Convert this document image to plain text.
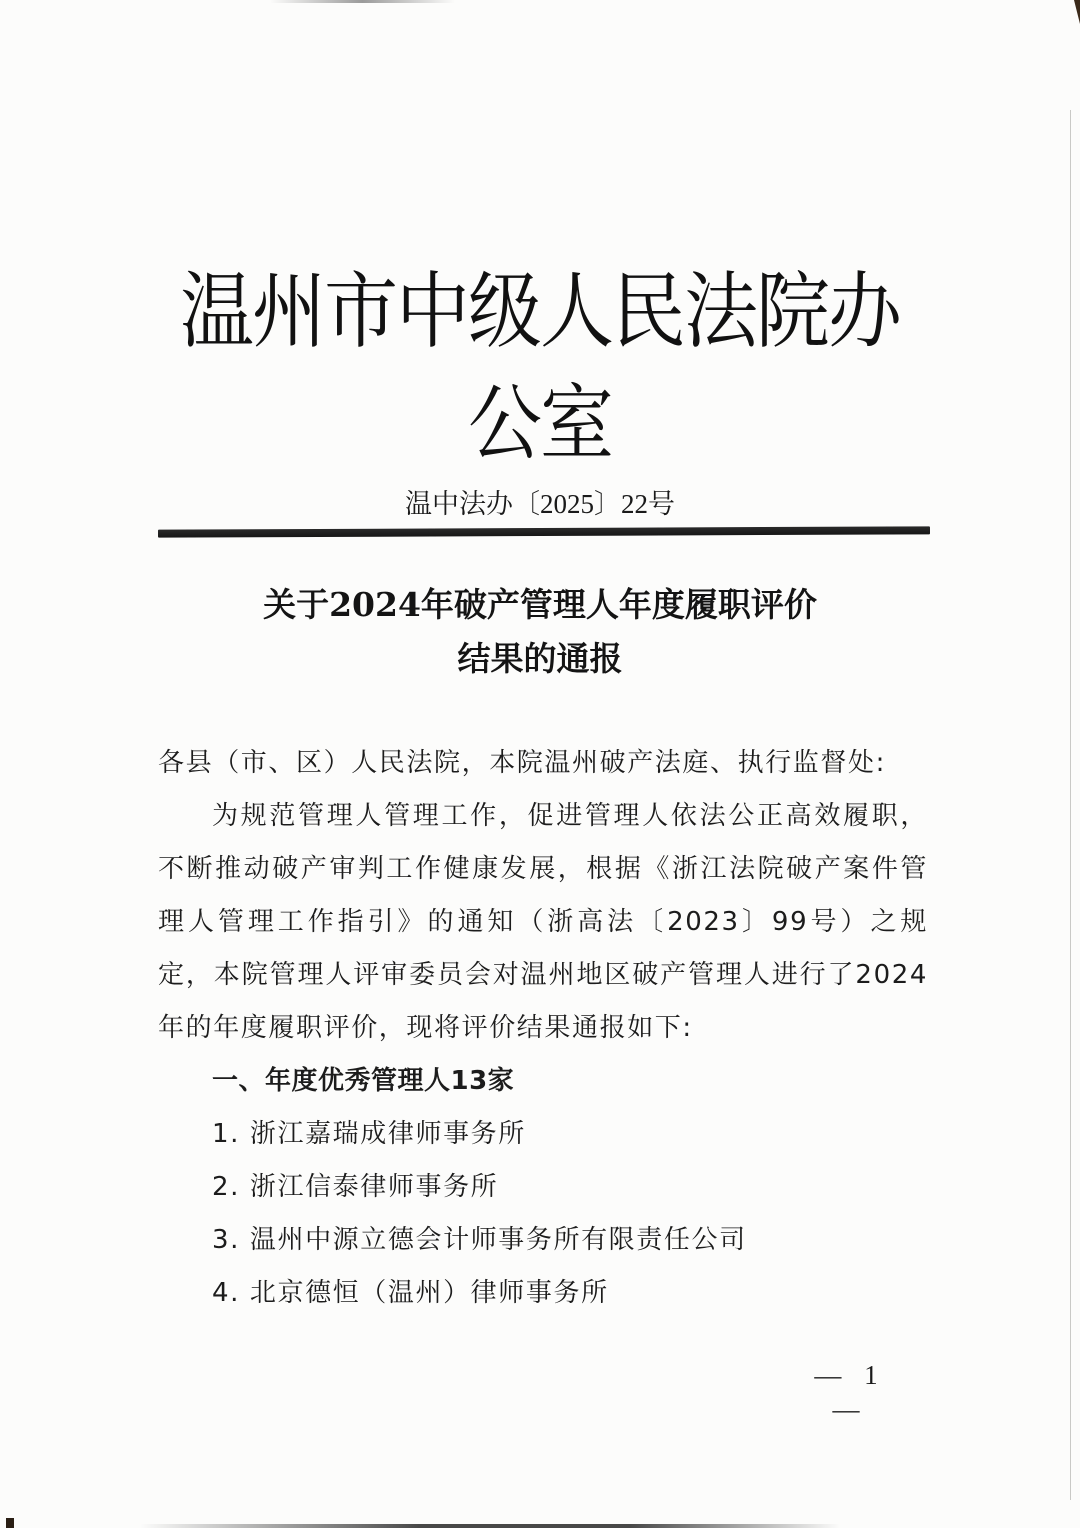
温州市中级人民法院办公室
温中法办〔2025〕22号
关于2024年破产管理人年度履职评价
结果的通报

各县（市、区）人民法院，本院温州破产法庭、执行监督处:

为规范管理人管理工作，促进管理人依法公正高效履职，不断推动破产审判工作健康发展，根据《浙江法院破产案件管理人管理工作指引》的通知（浙高法〔2023〕99号）之规定，本院管理人评审委员会对温州地区破产管理人进行了2024年的年度履职评价，现将评价结果通报如下:

一、年度优秀管理人13家

1. 浙江嘉瑞成律师事务所
2. 浙江信泰律师事务所
3. 温州中源立德会计师事务所有限责任公司
4. 北京德恒（温州）律师事务所
— 1 —
